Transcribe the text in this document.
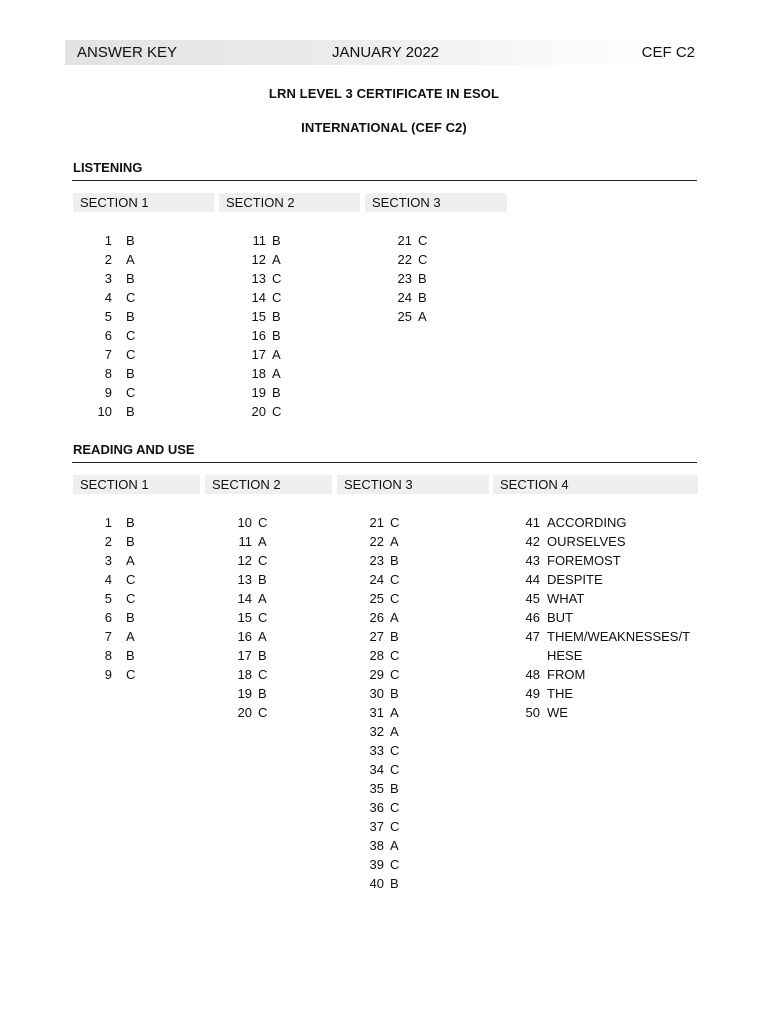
ANSWER KEY	JANUARY 2022	CEF C2
LRN LEVEL 3 CERTIFICATE IN ESOL
INTERNATIONAL (CEF C2)
LISTENING
SECTION 1	SECTION 2	SECTION 3
1 B
2 A
3 B
4 C
5 B
6 C
7 C
8 B
9 C
10 B
11 B
12 A
13 C
14 C
15 B
16 B
17 A
18 A
19 B
20 C
21 C
22 C
23 B
24 B
25 A
READING AND USE
SECTION 1	SECTION 2	SECTION 3	SECTION 4
1 B
2 B
3 A
4 C
5 C
6 B
7 A
8 B
9 C
10 C
11 A
12 C
13 B
14 A
15 C
16 A
17 B
18 C
19 B
20 C
21 C
22 A
23 B
24 C
25 C
26 A
27 B
28 C
29 C
30 B
31 A
32 A
33 C
34 C
35 B
36 C
37 C
38 A
39 C
40 B
41 ACCORDING
42 OURSELVES
43 FOREMOST
44 DESPITE
45 WHAT
46 BUT
47 THEM/WEAKNESSES/T
HESE
48 FROM
49 THE
50 WE
